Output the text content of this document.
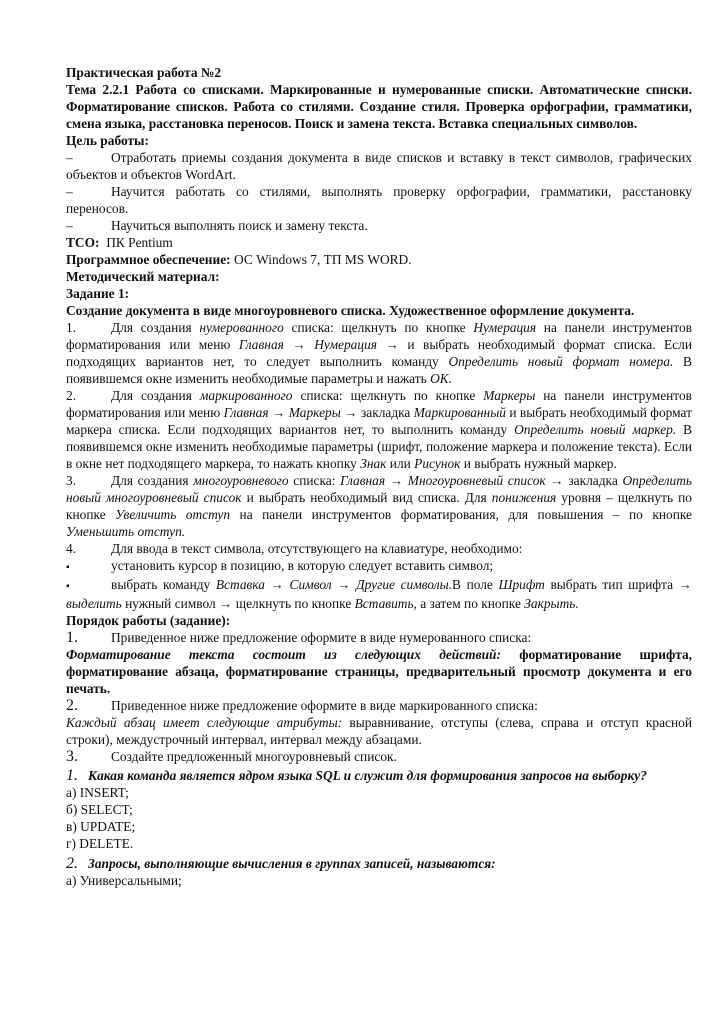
Практическая работа №2

Тема 2.2.1 Работа со списками. Маркированные и нумерованные списки. Автоматические списки. Форматирование списков. Работа со стилями. Создание стиля. Проверка орфографии, грамматики, смена языка, расстановка переносов. Поиск и замена текста. Вставка специальных символов.

Цель работы:

–	Отработать приемы создания документа в виде списков и вставку в текст символов, графических объектов и объектов WordArt.

–	Научится работать со стилями, выполнять проверку орфографии, грамматики, расстановку переносов.

–	Научиться выполнять поиск и замену текста.

ТСО: ПК Pentium

Программное обеспечение: ОС Windows 7, ТП MS WORD.

Методический материал:

Задание 1:

Создание документа в виде многоуровневого списка. Художественное оформление документа.

1.	Для создания нумерованного списка: щелкнуть по кнопке Нумерация на панели инструментов форматирования или меню Главная → Нумерация → и выбрать необходимый формат списка. Если подходящих вариантов нет, то следует выполнить команду Определить новый формат номера. В появившемся окне изменить необходимые параметры и нажать OK.

2.	Для создания маркированного списка: щелкнуть по кнопке Маркеры на панели инструментов форматирования или меню Главная → Маркеры → закладка Маркированный и выбрать необходимый формат маркера списка. Если подходящих вариантов нет, то выполнить команду Определить новый маркер. В появившемся окне изменить необходимые параметры (шрифт, положение маркера и положение текста). Если в окне нет подходящего маркера, то нажать кнопку Знак или Рисунок и выбрать нужный маркер.

3.	Для создания многоуровневого списка: Главная → Многоуровневый список → закладка Определить новый многоуровневый список и выбрать необходимый вид списка. Для понижения уровня – щелкнуть по кнопке Увеличить отступ на панели инструментов форматирования, для повышения – по кнопке Уменьшить отступ.

4.	Для ввода в текст символа, отсутствующего на клавиатуре, необходимо:

▪	установить курсор в позицию, в которую следует вставить символ;

▪	выбрать команду Вставка → Символ → Другие символы.В поле Шрифт выбрать тип шрифта → выделить нужный символ → щелкнуть по кнопке Вставить, а затем по кнопке Закрыть.

Порядок работы (задание):

1. Приведенное ниже предложение оформите в виде нумерованного списка:

Форматирование текста состоит из следующих действий: форматирование шрифта, форматирование абзаца, форматирование страницы, предварительный просмотр документа и его печать.

2. Приведенное ниже предложение оформите в виде маркированного списка:

Каждый абзац имеет следующие атрибуты: выравнивание, отступы (слева, справа и отступ красной строки), междустрочный интервал, интервал между абзацами.

3. Создайте предложенный многоуровневый список.

1. Какая команда является ядром языка SQL и служит для формирования запросов на выборку?

а) INSERT;

б) SELECT;

в) UPDATE;

г) DELETE.

2. Запросы, выполняющие вычисления в группах записей, называются:

а) Универсальными;
